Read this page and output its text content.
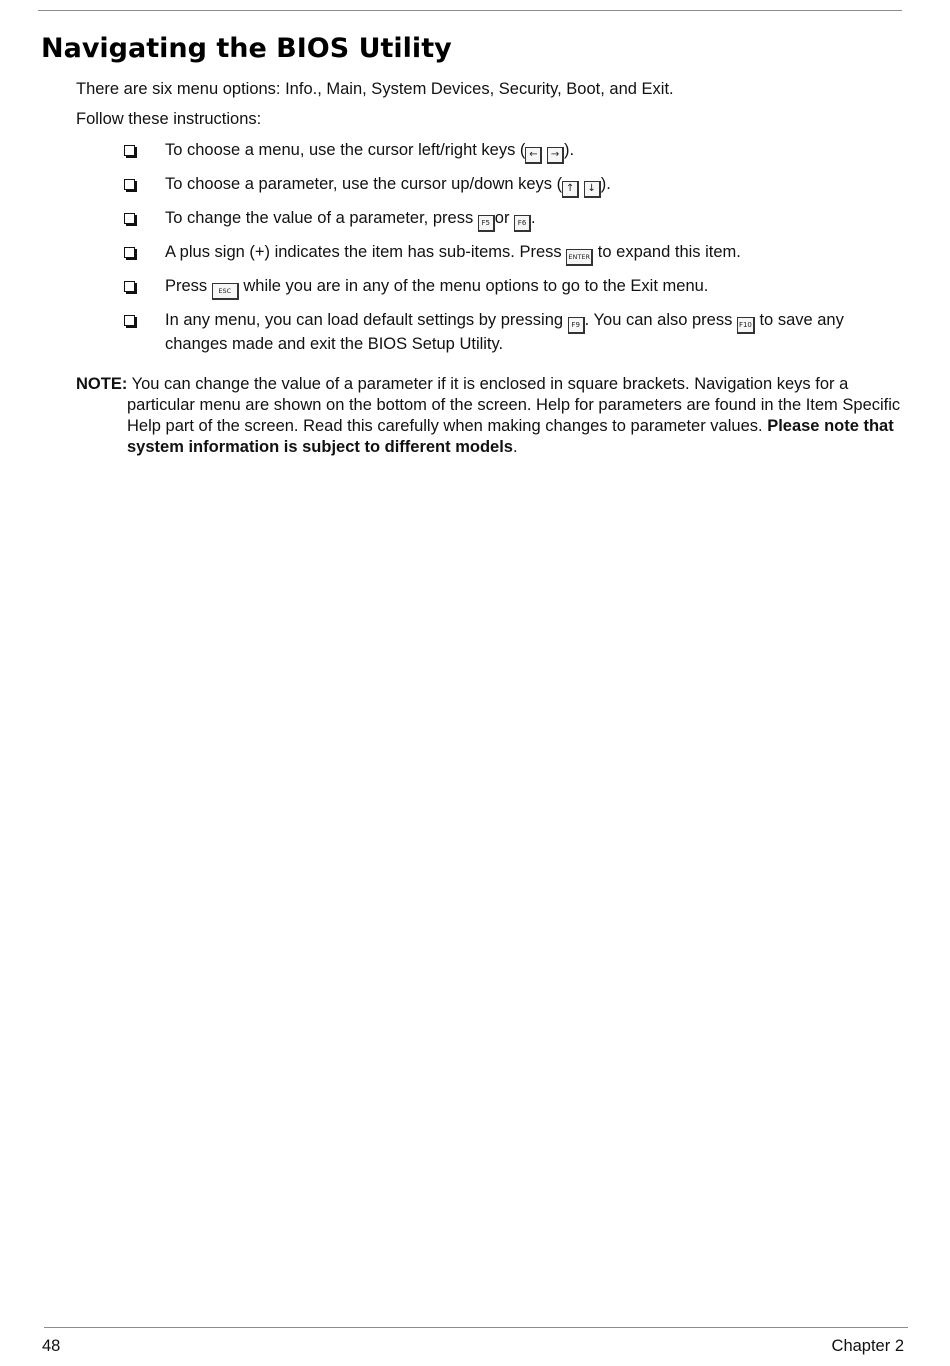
Navigating the BIOS Utility

There are six menu options: Info., Main, System Devices, Security, Boot, and Exit.

Follow these instructions:

To choose a menu, use the cursor left/right keys ( ← → ).
To choose a parameter, use the cursor up/down keys ( ↑ ↓ ).
To change the value of a parameter, press F5 or F6 .
A plus sign (+) indicates the item has sub-items. Press ENTER to expand this item.
Press ESC while you are in any of the menu options to go to the Exit menu.
In any menu, you can load default settings by pressing F9 . You can also press F10 to save any changes made and exit the BIOS Setup Utility.

NOTE: You can change the value of a parameter if it is enclosed in square brackets. Navigation keys for a particular menu are shown on the bottom of the screen. Help for parameters are found in the Item Specific Help part of the screen. Read this carefully when making changes to parameter values. Please note that system information is subject to different models.

48	Chapter 2
